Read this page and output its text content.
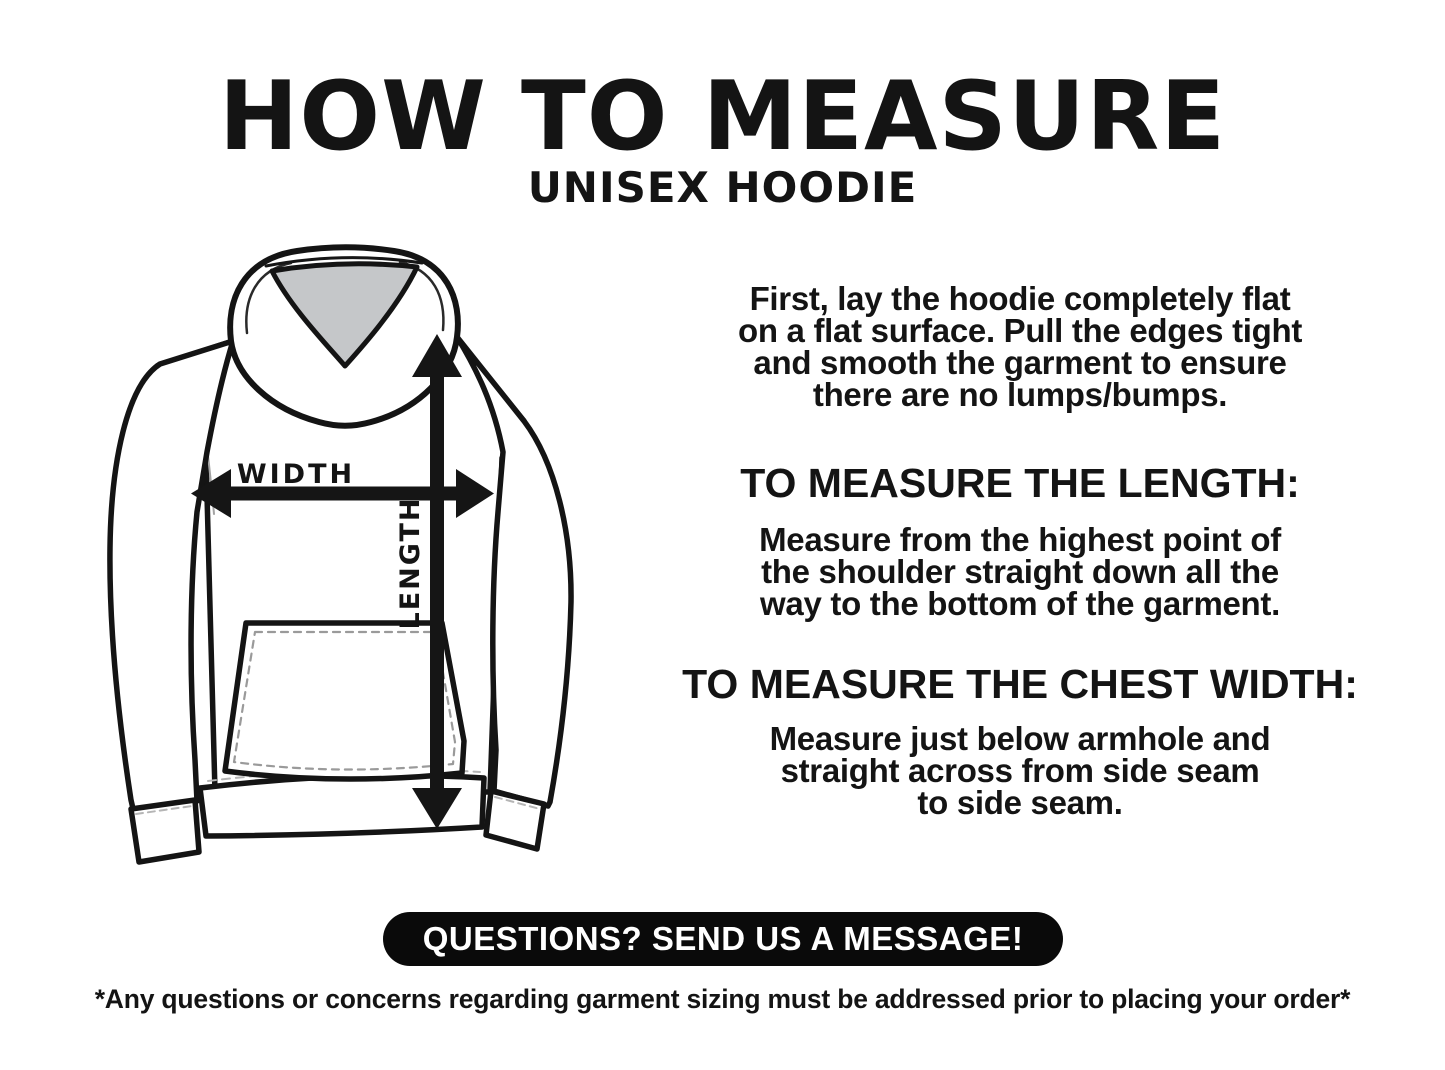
HOW TO MEASURE
UNISEX HOODIE
WIDTH
LENGTH

First, lay the hoodie completely flat
on a flat surface. Pull the edges tight
and smooth the garment to ensure
there are no lumps/bumps.

TO MEASURE THE LENGTH:

Measure from the highest point of
the shoulder straight down all the
way to the bottom of the garment.

TO MEASURE THE CHEST WIDTH:

Measure just below armhole and
straight across from side seam
to side seam.

QUESTIONS? SEND US A MESSAGE!
*Any questions or concerns regarding garment sizing must be addressed prior to placing your order*
